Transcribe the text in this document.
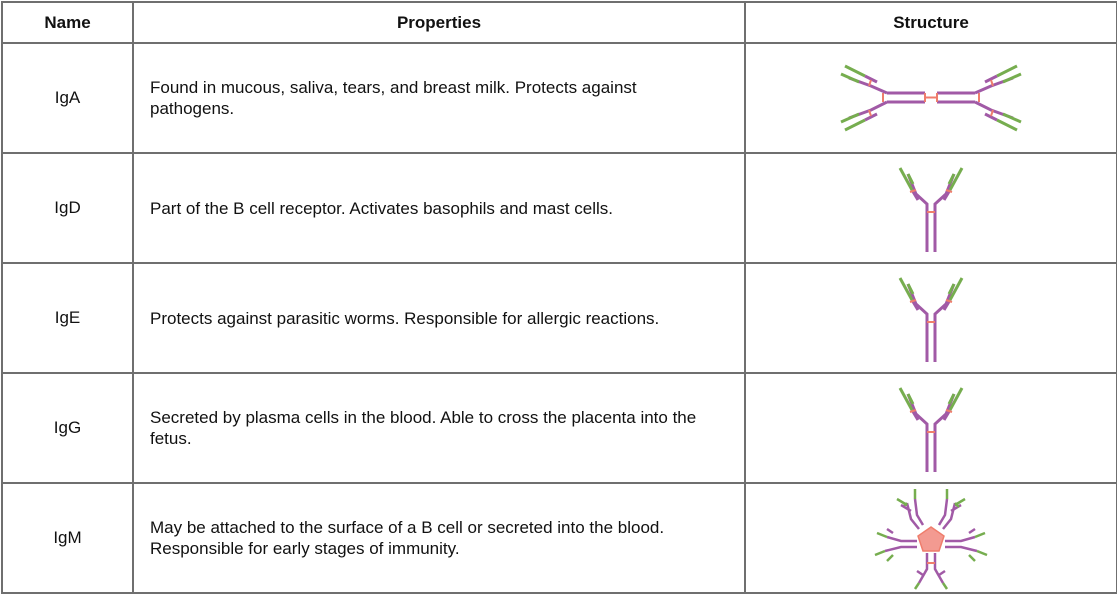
Name	Properties	Structure
IgA	Found in mucous, saliva, tears, and breast milk. Protects against pathogens.	

IgD	Part of the B cell receptor. Activates basophils and mast cells.	

IgE	Protects against parasitic worms. Responsible for allergic reactions.	

IgG	Secreted by plasma cells in the blood. Able to cross the placenta into the fetus.	

IgM	May be attached to the surface of a B cell or secreted into the blood. Responsible for early stages of immunity.	
